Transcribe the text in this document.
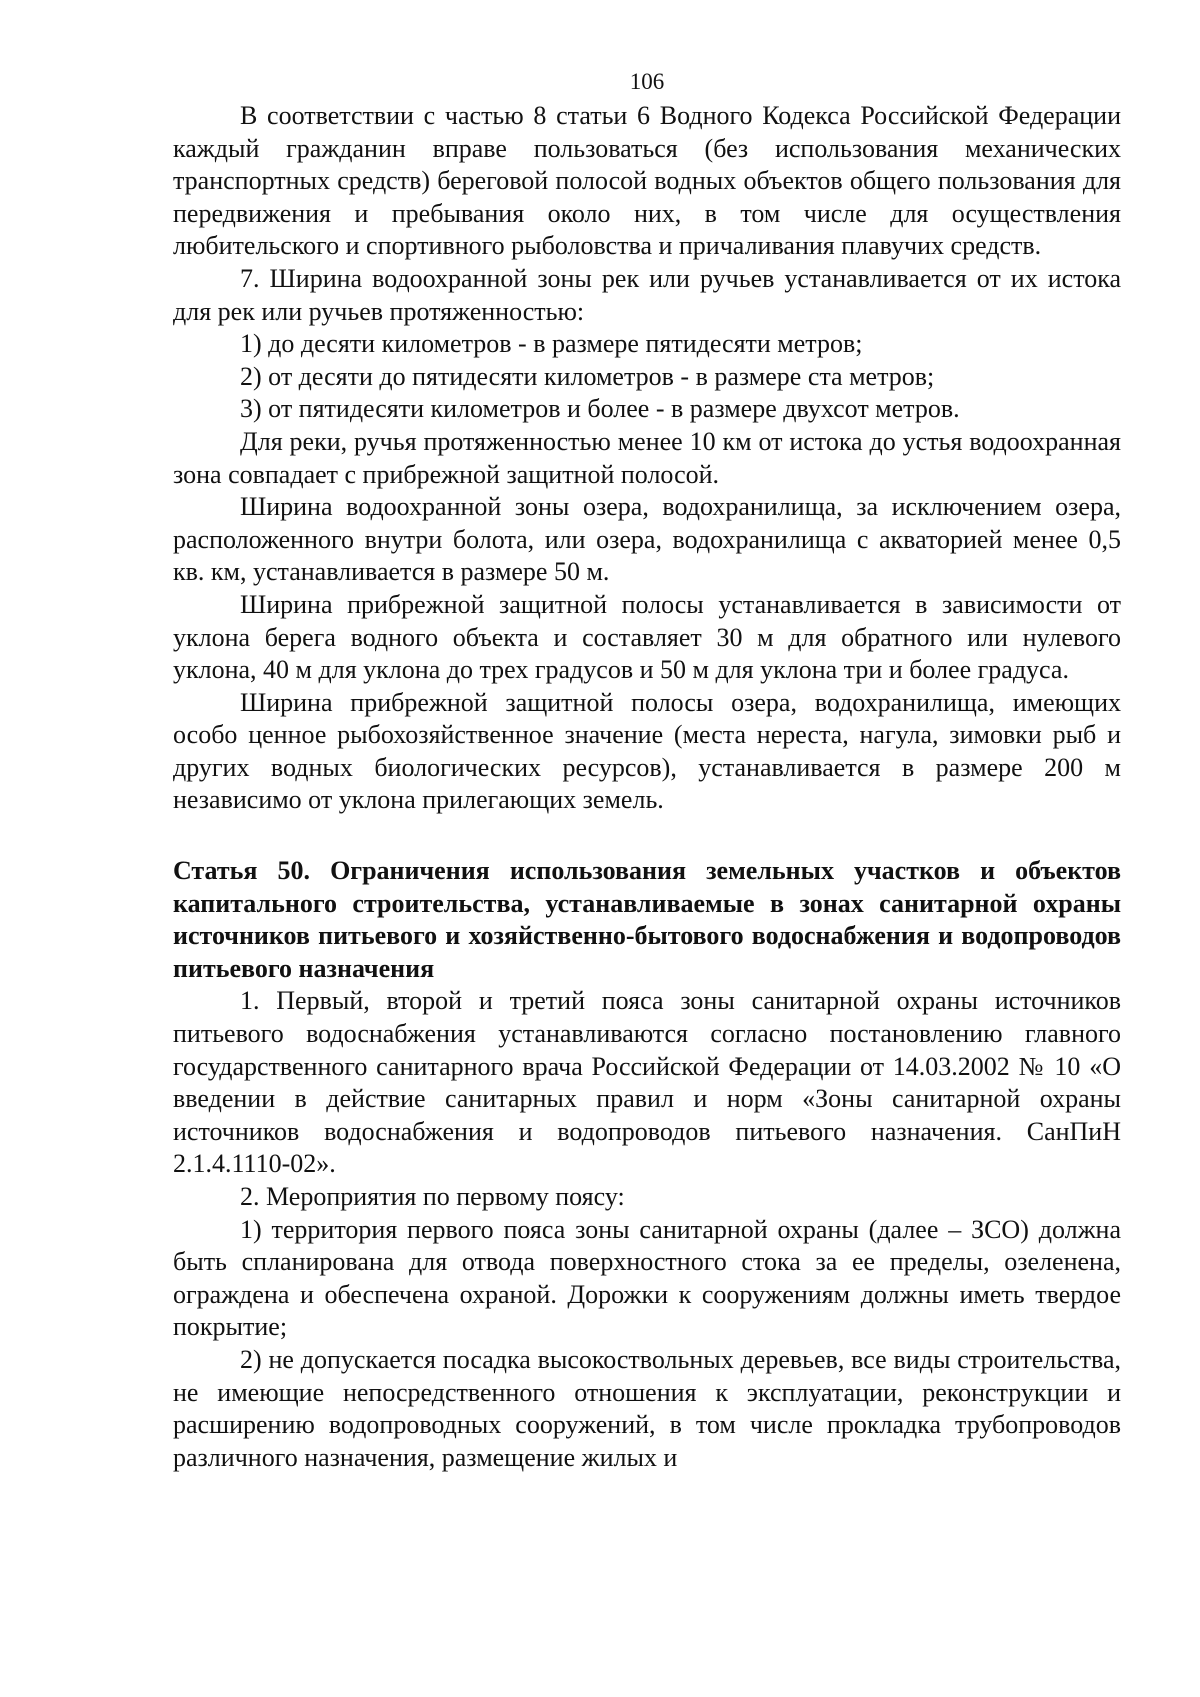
106

В соответствии с частью 8 статьи 6 Водного Кодекса Российской Федерации каждый гражданин вправе пользоваться (без использования механических транспортных средств) береговой полосой водных объектов общего пользования для передвижения и пребывания около них, в том числе для осуществления любительского и спортивного рыболовства и причаливания плавучих средств.

7. Ширина водоохранной зоны рек или ручьев устанавливается от их истока для рек или ручьев протяженностью:

1) до десяти километров - в размере пятидесяти метров;

2) от десяти до пятидесяти километров - в размере ста метров;

3) от пятидесяти километров и более - в размере двухсот метров.

Для реки, ручья протяженностью менее 10 км от истока до устья водоохранная зона совпадает с прибрежной защитной полосой.

Ширина водоохранной зоны озера, водохранилища, за исключением озера, расположенного внутри болота, или озера, водохранилища с акваторией менее 0,5 кв. км, устанавливается в размере 50 м.

Ширина прибрежной защитной полосы устанавливается в зависимости от уклона берега водного объекта и составляет 30 м для обратного или нулевого уклона, 40 м для уклона до трех градусов и 50 м для уклона три и более градуса.

Ширина прибрежной защитной полосы озера, водохранилища, имеющих особо ценное рыбохозяйственное значение (места нереста, нагула, зимовки рыб и других водных биологических ресурсов), устанавливается в размере 200 м независимо от уклона прилегающих земель.

Статья 50. Ограничения использования земельных участков и объектов капитального строительства, устанавливаемые в зонах санитарной охраны источников питьевого и хозяйственно-бытового водоснабжения и водопроводов питьевого назначения

1. Первый, второй и третий пояса зоны санитарной охраны источников питьевого водоснабжения устанавливаются согласно постановлению главного государственного санитарного врача Российской Федерации от 14.03.2002 № 10 «О введении в действие санитарных правил и норм «Зоны санитарной охраны источников водоснабжения и водопроводов питьевого назначения. СанПиН 2.1.4.1110-02».

2. Мероприятия по первому поясу:

1) территория первого пояса зоны санитарной охраны (далее – ЗСО) должна быть спланирована для отвода поверхностного стока за ее пределы, озеленена, ограждена и обеспечена охраной. Дорожки к сооружениям должны иметь твердое покрытие;

2) не допускается посадка высокоствольных деревьев, все виды строительства, не имеющие непосредственного отношения к эксплуатации, реконструкции и расширению водопроводных сооружений, в том числе прокладка трубопроводов различного назначения, размещение жилых и
